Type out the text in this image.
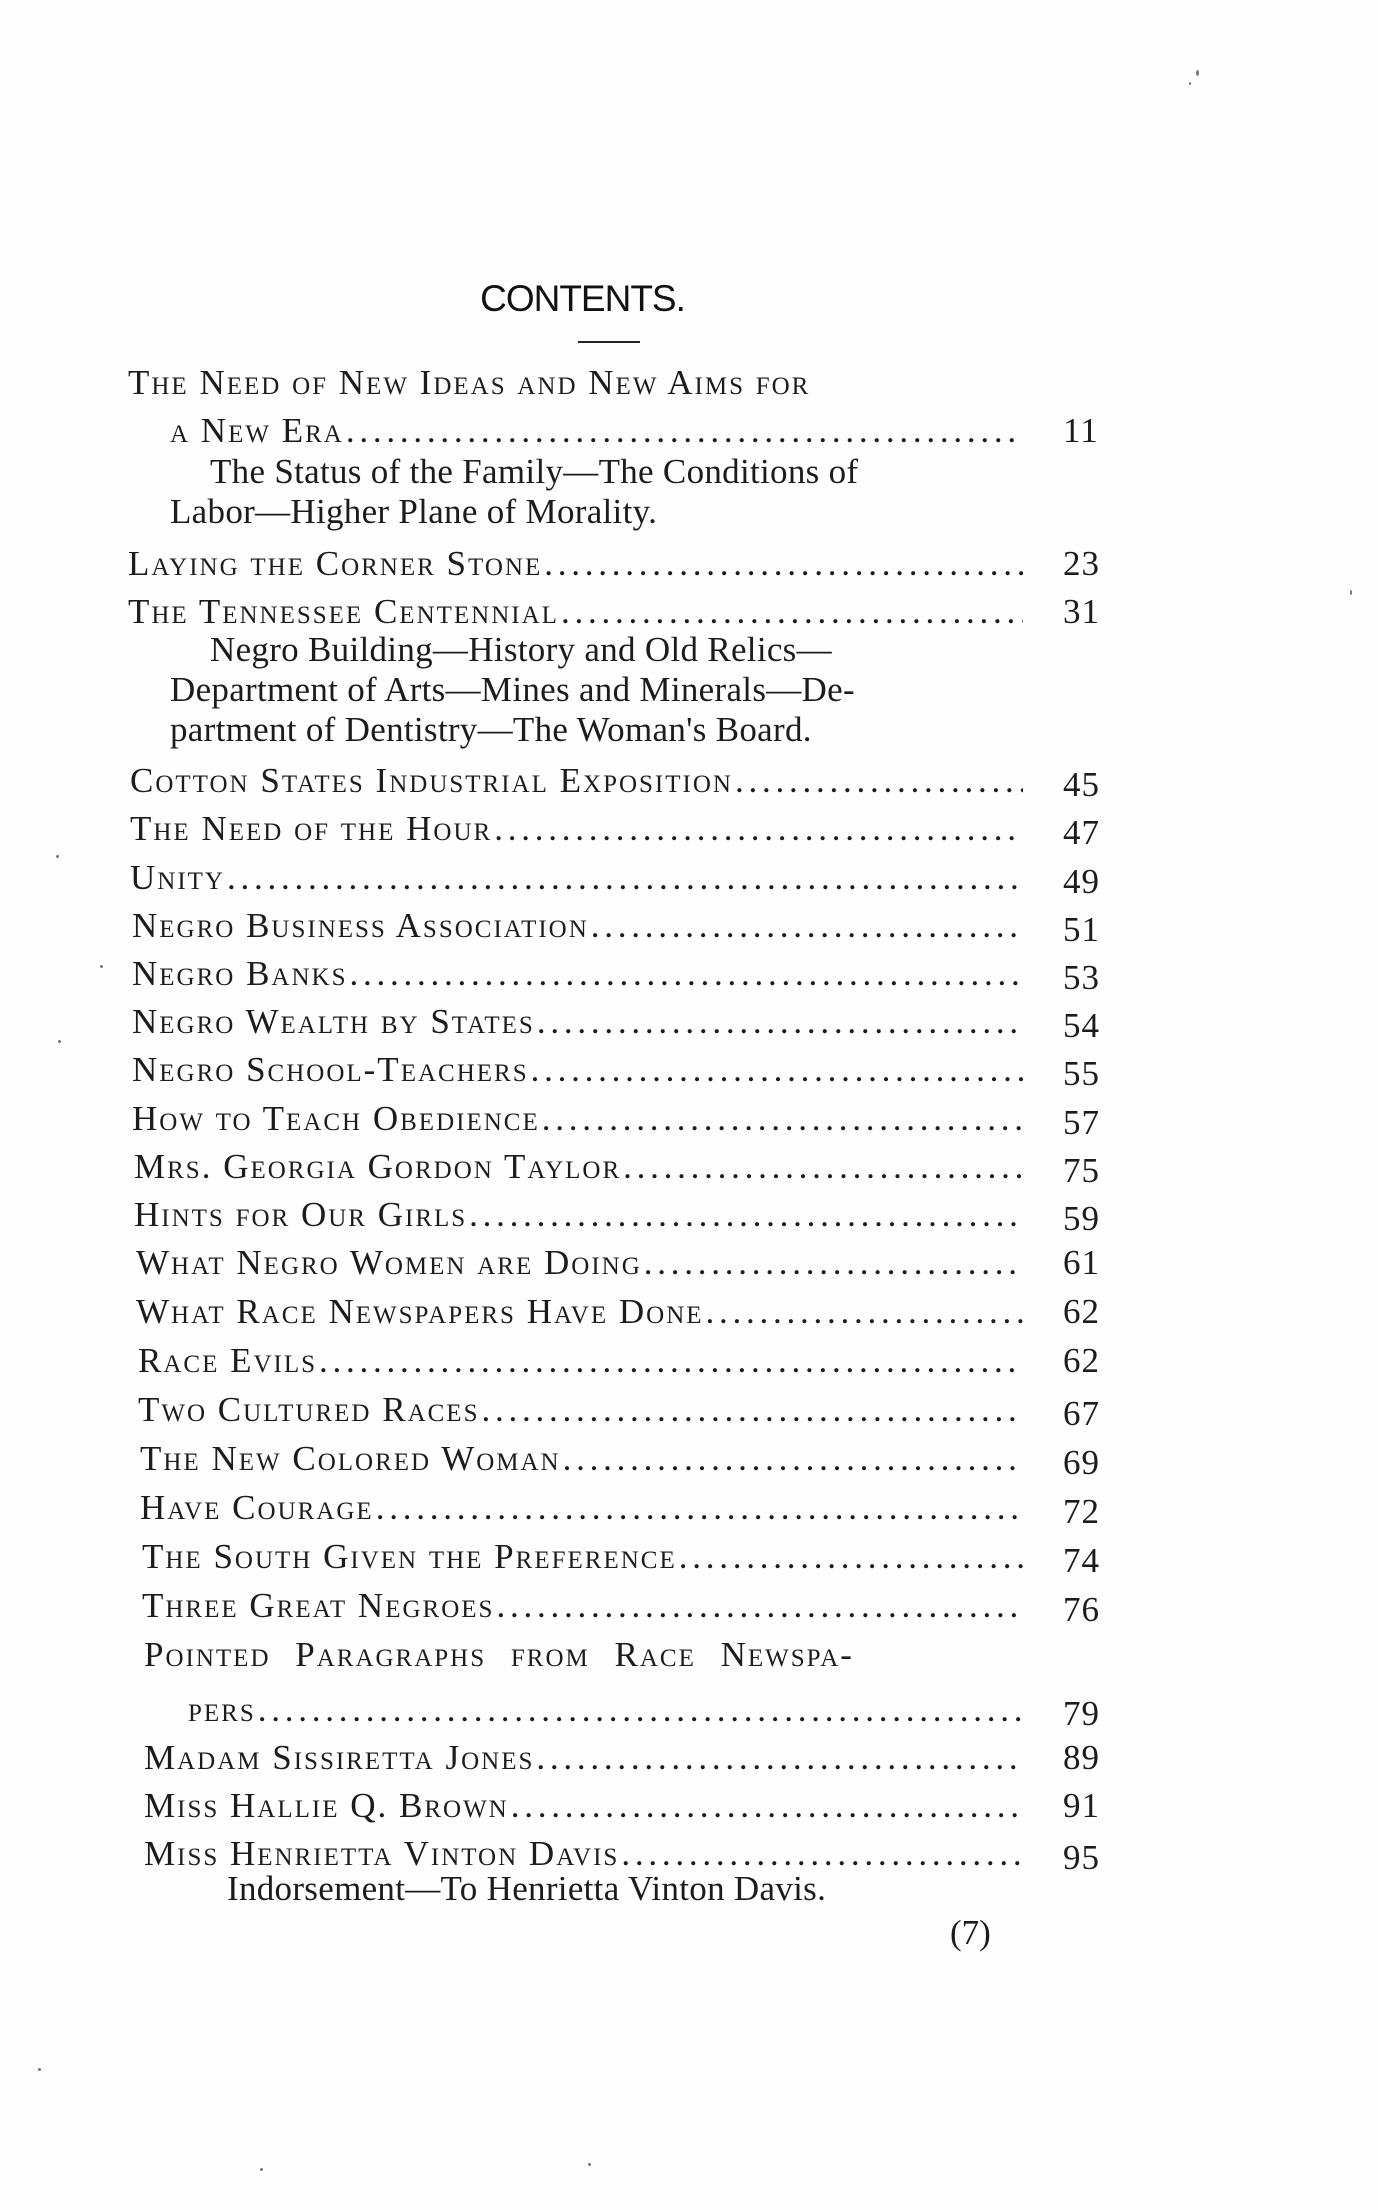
CONTENTS.
The Need of New Ideas and New Aims for
a New Era . . .	11
The Status of the Family—The Conditions of
Labor—Higher Plane of Morality.
Laying the Corner Stone . . .	23
The Tennessee Centennial . . .	31
Negro Building—History and Old Relics—
Department of Arts—Mines and Minerals—De-
partment of Dentistry—The Woman's Board.
Cotton States Industrial Exposition . . .	45
The Need of the Hour . . .	47
Unity . . .	49
Negro Business Association . . .	51
Negro Banks . . .	53
Negro Wealth by States . . .	54
Negro School-Teachers . . .	55
How to Teach Obedience . . .	57
Mrs. Georgia Gordon Taylor . . .	75
Hints for Our Girls . . .	59
What Negro Women are Doing . . .	61
What Race Newspapers Have Done . . .	62
Race Evils . . .	62
Two Cultured Races . . .	67
The New Colored Woman . . .	69
Have Courage . . .	72
The South Given the Preference . . .	74
Three Great Negroes . . .	76
Pointed Paragraphs from Race Newspa-
pers . . .	79
Madam Sissiretta Jones . . .	89
Miss Hallie Q. Brown . . .	91
Miss Henrietta Vinton Davis . . .	95
Indorsement—To Henrietta Vinton Davis.
(7)
